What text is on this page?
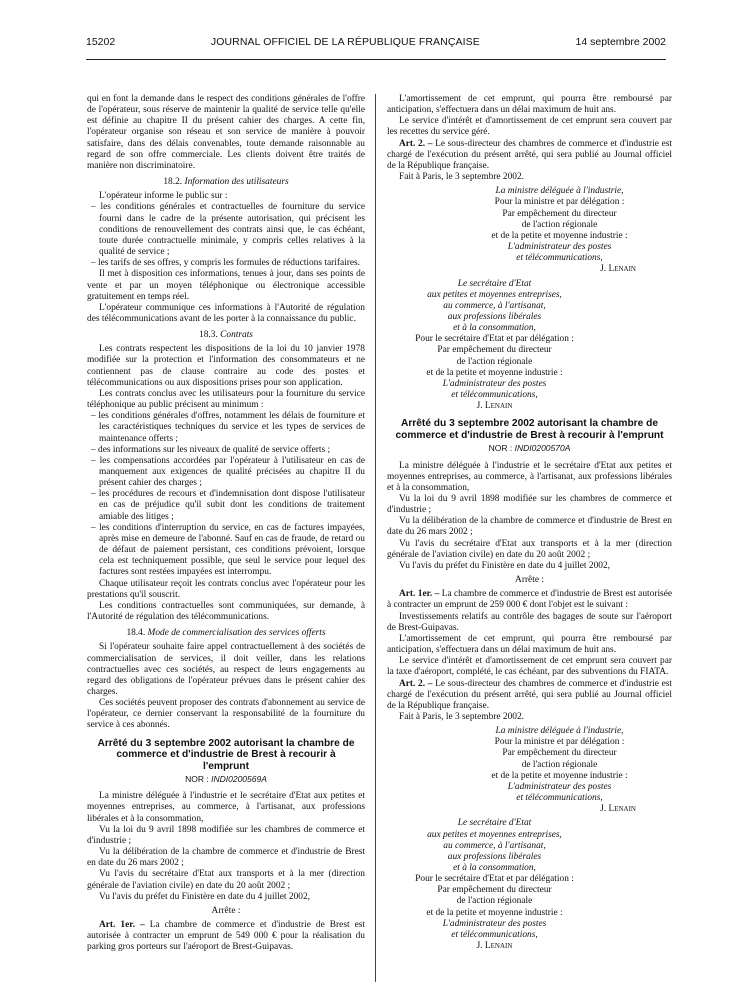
15202	JOURNAL OFFICIEL DE LA RÉPUBLIQUE FRANÇAISE	14 septembre 2002

qui en font la demande dans le respect des conditions générales de l'offre de l'opérateur, sous réserve de maintenir la qualité de service telle qu'elle est définie au chapitre II du présent cahier des charges. A cette fin, l'opérateur organise son réseau et son service de manière à pouvoir satisfaire, dans des délais convenables, toute demande raisonnable au regard de son offre commerciale. Les clients doivent être traités de manière non discriminatoire.

18.2. Information des utilisateurs

L'opérateur informe le public sur :

– les conditions générales et contractuelles de fourniture du service fourni dans le cadre de la présente autorisation, qui précisent les conditions de renouvellement des contrats ainsi que, le cas échéant, toute durée contractuelle minimale, y compris celles relatives à la qualité de service ;
– les tarifs de ses offres, y compris les formules de réductions tarifaires.

Il met à disposition ces informations, tenues à jour, dans ses points de vente et par un moyen téléphonique ou électronique accessible gratuitement en temps réel.

L'opérateur communique ces informations à l'Autorité de régulation des télécommunications avant de les porter à la connaissance du public.

18.3. Contrats

Les contrats respectent les dispositions de la loi du 10 janvier 1978 modifiée sur la protection et l'information des consommateurs et ne contiennent pas de clause contraire au code des postes et télécommunications ou aux dispositions prises pour son application.

Les contrats conclus avec les utilisateurs pour la fourniture du service téléphonique au public précisent au minimum :

– les conditions générales d'offres, notamment les délais de fourniture et les caractéristiques techniques du service et les types de services de maintenance offerts ;
– des informations sur les niveaux de qualité de service offerts ;
– les compensations accordées par l'opérateur à l'utilisateur en cas de manquement aux exigences de qualité précisées au chapitre II du présent cahier des charges ;
– les procédures de recours et d'indemnisation dont dispose l'utilisateur en cas de préjudice qu'il subit dont les conditions de traitement amiable des litiges ;
– les conditions d'interruption du service, en cas de factures impayées, après mise en demeure de l'abonné. Sauf en cas de fraude, de retard ou de défaut de paiement persistant, ces conditions prévoient, lorsque cela est techniquement possible, que seul le service pour lequel des factures sont restées impayées est interrompu.

Chaque utilisateur reçoit les contrats conclus avec l'opérateur pour les prestations qu'il souscrit.

Les conditions contractuelles sont communiquées, sur demande, à l'Autorité de régulation des télécommunications.

18.4. Mode de commercialisation des services offerts

Si l'opérateur souhaite faire appel contractuellement à des sociétés de commercialisation de services, il doit veiller, dans les relations contractuelles avec ces sociétés, au respect de leurs engagements au regard des obligations de l'opérateur prévues dans le présent cahier des charges.

Ces sociétés peuvent proposer des contrats d'abonnement au service de l'opérateur, ce dernier conservant la responsabilité de la fourniture du service à ces abonnés.

Arrêté du 3 septembre 2002 autorisant la chambre de commerce et d'industrie de Brest à recourir à l'emprunt
NOR : INDI0200569A

La ministre déléguée à l'industrie et le secrétaire d'Etat aux petites et moyennes entreprises, au commerce, à l'artisanat, aux professions libérales et à la consommation,

Vu la loi du 9 avril 1898 modifiée sur les chambres de commerce et d'industrie ;

Vu la délibération de la chambre de commerce et d'industrie de Brest en date du 26 mars 2002 ;

Vu l'avis du secrétaire d'Etat aux transports et à la mer (direction générale de l'aviation civile) en date du 20 août 2002 ;

Vu l'avis du préfet du Finistère en date du 4 juillet 2002,

Arrête :

Art. 1er. – La chambre de commerce et d'industrie de Brest est autorisée à contracter un emprunt de 549 000 € pour la réalisation du parking gros porteurs sur l'aéroport de Brest-Guipavas.

L'amortissement de cet emprunt, qui pourra être remboursé par anticipation, s'effectuera dans un délai maximum de huit ans.

Le service d'intérêt et d'amortissement de cet emprunt sera couvert par les recettes du service géré.

Art. 2. – Le sous-directeur des chambres de commerce et d'industrie est chargé de l'exécution du présent arrêté, qui sera publié au Journal officiel de la République française.

Fait à Paris, le 3 septembre 2002.

La ministre déléguée à l'industrie,
Pour la ministre et par délégation :
Par empêchement du directeur
de l'action régionale
et de la petite et moyenne industrie :
L'administrateur des postes
et télécommunications,
J. Lenain
Le secrétaire d'Etat
aux petites et moyennes entreprises,
au commerce, à l'artisanat,
aux professions libérales
et à la consommation,
Pour le secrétaire d'Etat et par délégation :
Par empêchement du directeur
de l'action régionale
et de la petite et moyenne industrie :
L'administrateur des postes
et télécommunications,
J. Lenain
Arrêté du 3 septembre 2002 autorisant la chambre de commerce et d'industrie de Brest à recourir à l'emprunt
NOR : INDI0200570A

La ministre déléguée à l'industrie et le secrétaire d'Etat aux petites et moyennes entreprises, au commerce, à l'artisanat, aux professions libérales et à la consommation,

Vu la loi du 9 avril 1898 modifiée sur les chambres de commerce et d'industrie ;

Vu la délibération de la chambre de commerce et d'industrie de Brest en date du 26 mars 2002 ;

Vu l'avis du secrétaire d'Etat aux transports et à la mer (direction générale de l'aviation civile) en date du 20 août 2002 ;

Vu l'avis du préfet du Finistère en date du 4 juillet 2002,

Arrête :

Art. 1er. – La chambre de commerce et d'industrie de Brest est autorisée à contracter un emprunt de 259 000 € dont l'objet est le suivant :

Investissements relatifs au contrôle des bagages de soute sur l'aéroport de Brest-Guipavas.

L'amortissement de cet emprunt, qui pourra être remboursé par anticipation, s'effectuera dans un délai maximum de huit ans.

Le service d'intérêt et d'amortissement de cet emprunt sera couvert par la taxe d'aéroport, complété, le cas échéant, par des subventions du FIATA.

Art. 2. – Le sous-directeur des chambres de commerce et d'industrie est chargé de l'exécution du présent arrêté, qui sera publié au Journal officiel de la République française.

Fait à Paris, le 3 septembre 2002.

La ministre déléguée à l'industrie,
Pour la ministre et par délégation :
Par empêchement du directeur
de l'action régionale
et de la petite et moyenne industrie :
L'administrateur des postes
et télécommunications,
J. Lenain
Le secrétaire d'Etat
aux petites et moyennes entreprises,
au commerce, à l'artisanat,
aux professions libérales
et à la consommation,
Pour le secrétaire d'Etat et par délégation :
Par empêchement du directeur
de l'action régionale
et de la petite et moyenne industrie :
L'administrateur des postes
et télécommunications,
J. Lenain
